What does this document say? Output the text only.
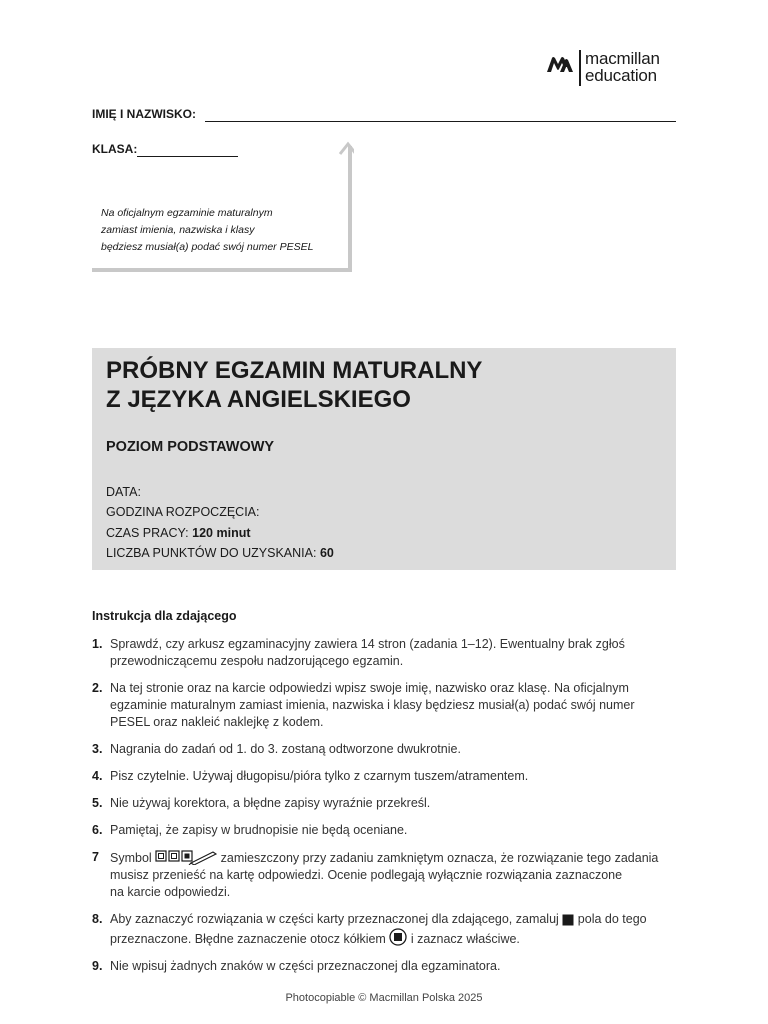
macmillan
education
IMIĘ I NAZWISKO:
KLASA:
Na oficjalnym egzaminie maturalnym
zamiast imienia, nazwiska i klasy
będziesz musiał(a) podać swój numer PESEL
PRÓBNY EGZAMIN MATURALNY
Z JĘZYKA ANGIELSKIEGO
POZIOM PODSTAWOWY
DATA:
GODZINA ROZPOCZĘCIA:
CZAS PRACY: 120 minut
LICZBA PUNKTÓW DO UZYSKANIA: 60
Instrukcja dla zdającego
1. Sprawdź, czy arkusz egzaminacyjny zawiera 14 stron (zadania 1–12). Ewentualny brak zgłoś
przewodniczącemu zespołu nadzorującego egzamin.
2. Na tej stronie oraz na karcie odpowiedzi wpisz swoje imię, nazwisko oraz klasę. Na oficjalnym
egzaminie maturalnym zamiast imienia, nazwiska i klasy będziesz musiał(a) podać swój numer
PESEL oraz naklеić naklejkę z kodem.
3. Nagrania do zadań od 1. do 3. zostaną odtworzone dwukrotnie.
4. Pisz czytelnie. Używaj długopisu/pióra tylko z czarnym tuszem/atramentem.
5. Nie używaj korektora, a błędne zapisy wyraźnie przekreśl.
6. Pamiętaj, że zapisy w brudnopisie nie będą oceniane.
7 Symbol	zamieszczony przy zadaniu zamkniętym oznacza, że rozwiązanie tego zadania
musisz przenieść na kartę odpowiedzi. Ocenie podlegają wyłącznie rozwiązania zaznaczone
na karcie odpowiedzi.
8. Aby zaznaczyć rozwiązania w części karty przeznaczonej dla zdającego, zamaluj pola do tego
przeznaczone. Błędne zaznaczenie otocz kółkiem i zaznacz właściwe.
9. Nie wpisuj żadnych znaków w części przeznaczonej dla egzaminatora.
Photocopiable © Macmillan Polska 2025
